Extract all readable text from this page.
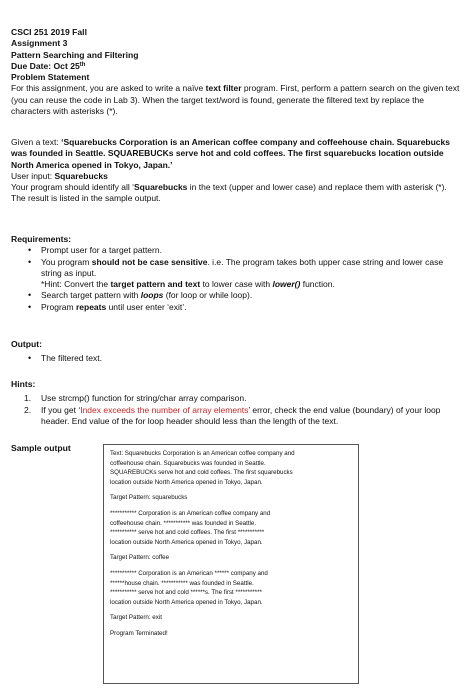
CSCI 251 2019 Fall
Assignment 3
Pattern Searching and Filtering
Due Date: Oct 25th
Problem Statement
For this assignment, you are asked to write a naïve text filter program. First, perform a pattern search on the given text (you can reuse the code in Lab 3). When the target text/word is found, generate the filtered text by replace the characters with asterisks (*).
Given a text: ‘Squarebucks Corporation is an American coffee company and coffeehouse chain. Squarebucks was founded in Seattle. SQUAREBUCKs serve hot and cold coffees. The first squarebucks location outside North America opened in Tokyo, Japan.’
User input: Squarebucks
Your program should identify all ‘Squarebucks in the text (upper and lower case) and replace them with asterisk (*). The result is listed in the sample output.
Requirements:
• Prompt user for a target pattern.
• You program should not be case sensitive. i.e. The program takes both upper case string and lower case string as input.
*Hint: Convert the target pattern and text to lower case with lower() function.
• Search target pattern with loops (for loop or while loop).
• Program repeats until user enter ‘exit’.
Output:
• The filtered text.
Hints:
1. Use strcmp() function for string/char array comparison.
2. If you get ‘Index exceeds the number of array elements’ error, check the end value (boundary) of your loop header. End value of the for loop header should less than the length of the text.
Sample output
Text: Squarebucks Corporation is an American coffee company and
coffeehouse chain. Squarebucks was founded in Seattle.
SQUAREBUCKs serve hot and cold coffees. The first squarebucks
location outside North America opened in Tokyo, Japan.
Target Pattern: squarebucks
*********** Corporation is an American coffee company and
coffeehouse chain. *********** was founded in Seattle.
*********** serve hot and cold coffees. The first ***********
location outside North America opened in Tokyo, Japan.
Target Pattern: coffee
*********** Corporation is an American ****** company and
******house chain. *********** was founded in Seattle.
*********** serve hot and cold ******s. The first ***********
location outside North America opened in Tokyo, Japan.
Target Pattern: exit
Program Terminated!
